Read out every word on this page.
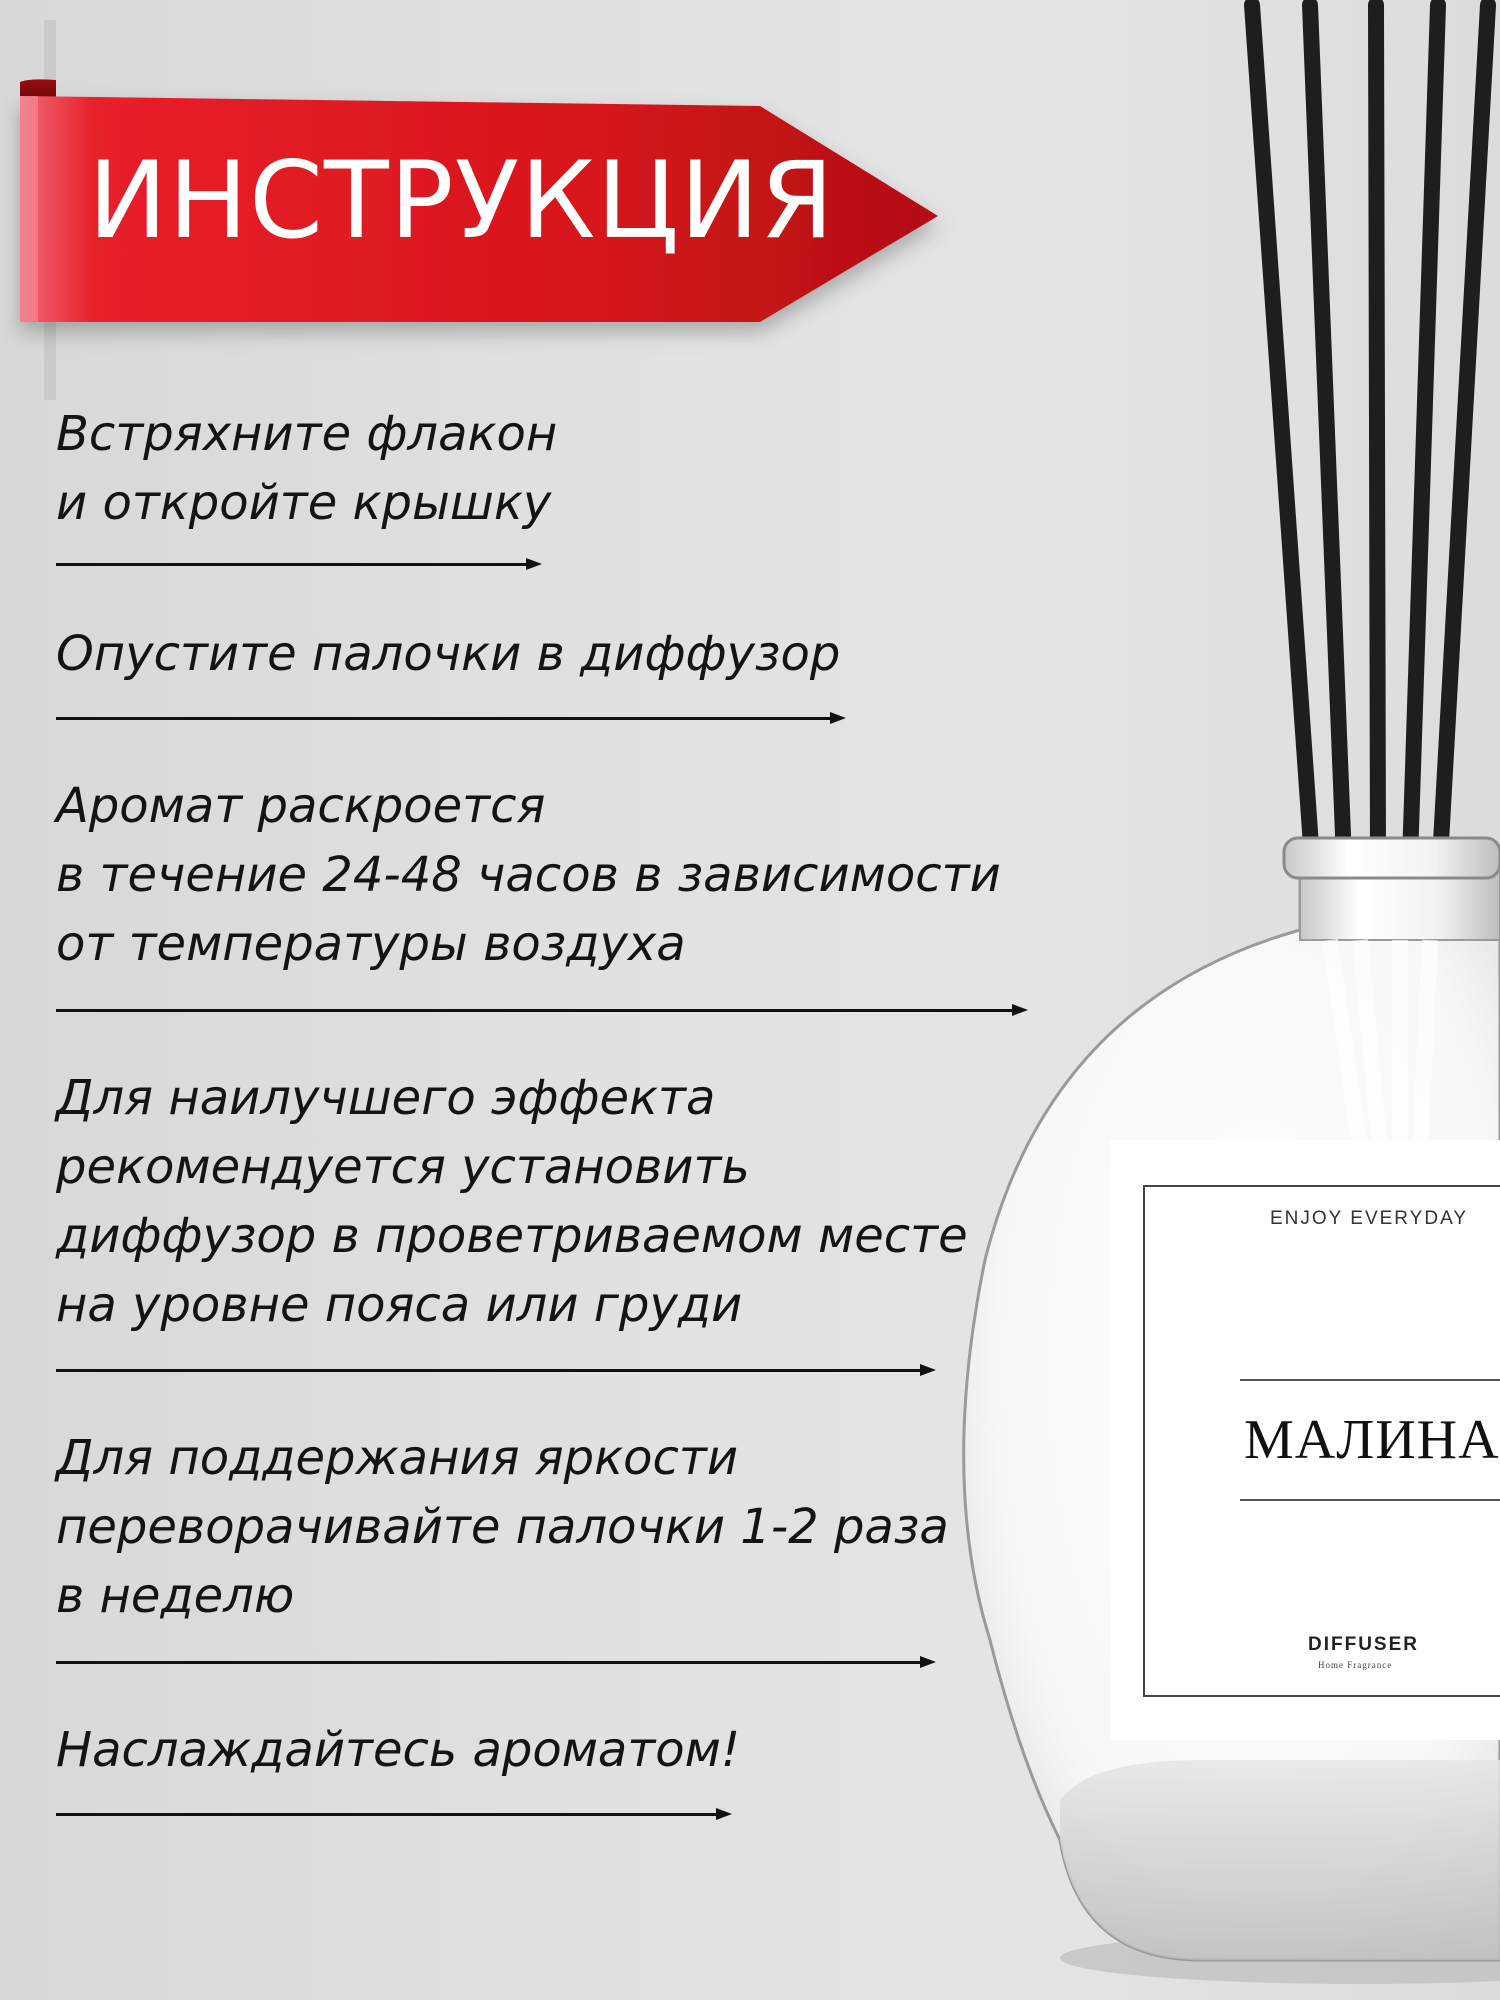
ИНСТРУКЦИЯ

Встряхните флакон

и откройте крышку

Опустите палочки в диффузор

Аромат раскроется

в течение 24-48 часов в зависимости

от температуры воздуха

Для наилучшего эффекта

рекомендуется установить

диффузор в проветриваемом месте

на уровне пояса или груди

Для поддержания яркости

переворачивайте палочки 1-2 раза

в неделю

Наслаждайтесь ароматом!

ENJOY EVERYDAY
МАЛИНА
DIFFUSER
Home Fragrance
